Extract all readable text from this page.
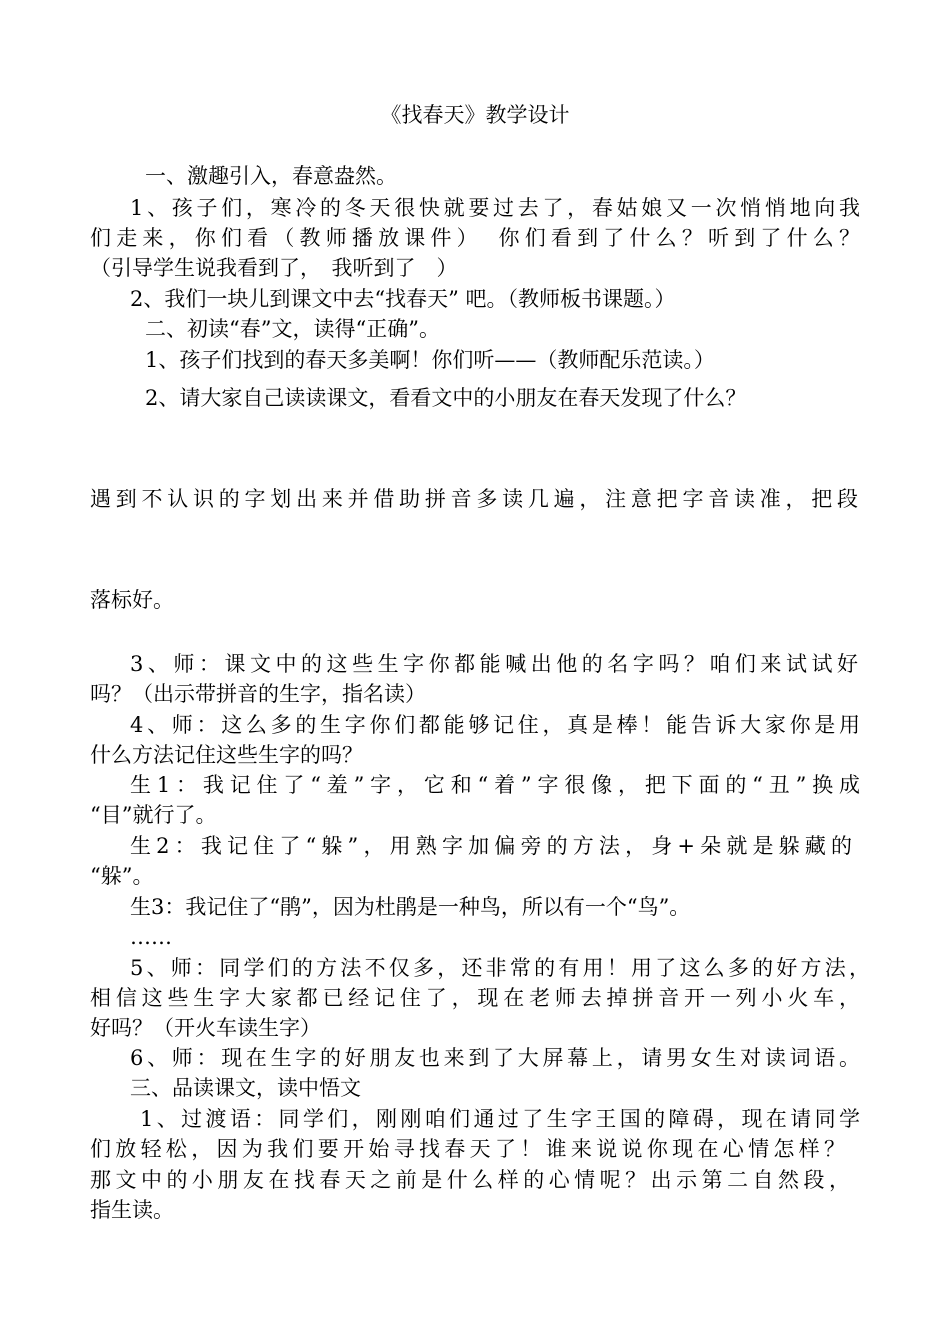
《找春天》教学设计
一、激趣引入，春意盎然。
1、孩子们，寒冷的冬天很快就要过去了，春姑娘又一次悄悄地向我
们走来，你们看（教师播放课件）　你们看到了什么？听到了什么？
（引导学生说我看到了，　我听到了　）
2、我们一块儿到课文中去“找春天” 吧。（教师板书课题。）
二、初读“春”文，读得“正确”。
1、孩子们找到的春天多美啊！你们听——（教师配乐范读。）
2、请大家自己读读课文，看看文中的小朋友在春天发现了什么？
遇到不认识的字划出来并借助拼音多读几遍，注意把字音读准，把段
落标好。
3、师：课文中的这些生字你都能喊出他的名字吗？咱们来试试好
吗？（出示带拼音的生字，指名读）
4、师：这么多的生字你们都能够记住，真是棒！能告诉大家你是用
什么方法记住这些生字的吗？
生1：我记住了“羞”字，它和“着”字很像，把下面的“丑”换成
“目”就行了。
生2：我记住了“躲”，用熟字加偏旁的方法，身+朵就是躲藏的
“躲”。
生3：我记住了“鹃”，因为杜鹃是一种鸟，所以有一个“鸟”。
……
5、师：同学们的方法不仅多，还非常的有用！用了这么多的好方法，
相信这些生字大家都已经记住了，现在老师去掉拼音开一列小火车，
好吗？（开火车读生字）
6、师：现在生字的好朋友也来到了大屏幕上，请男女生对读词语。
三、品读课文，读中悟文
1、过渡语：同学们，刚刚咱们通过了生字王国的障碍，现在请同学
们放轻松，因为我们要开始寻找春天了！谁来说说你现在心情怎样？
那文中的小朋友在找春天之前是什么样的心情呢？出示第二自然段，
指生读。
